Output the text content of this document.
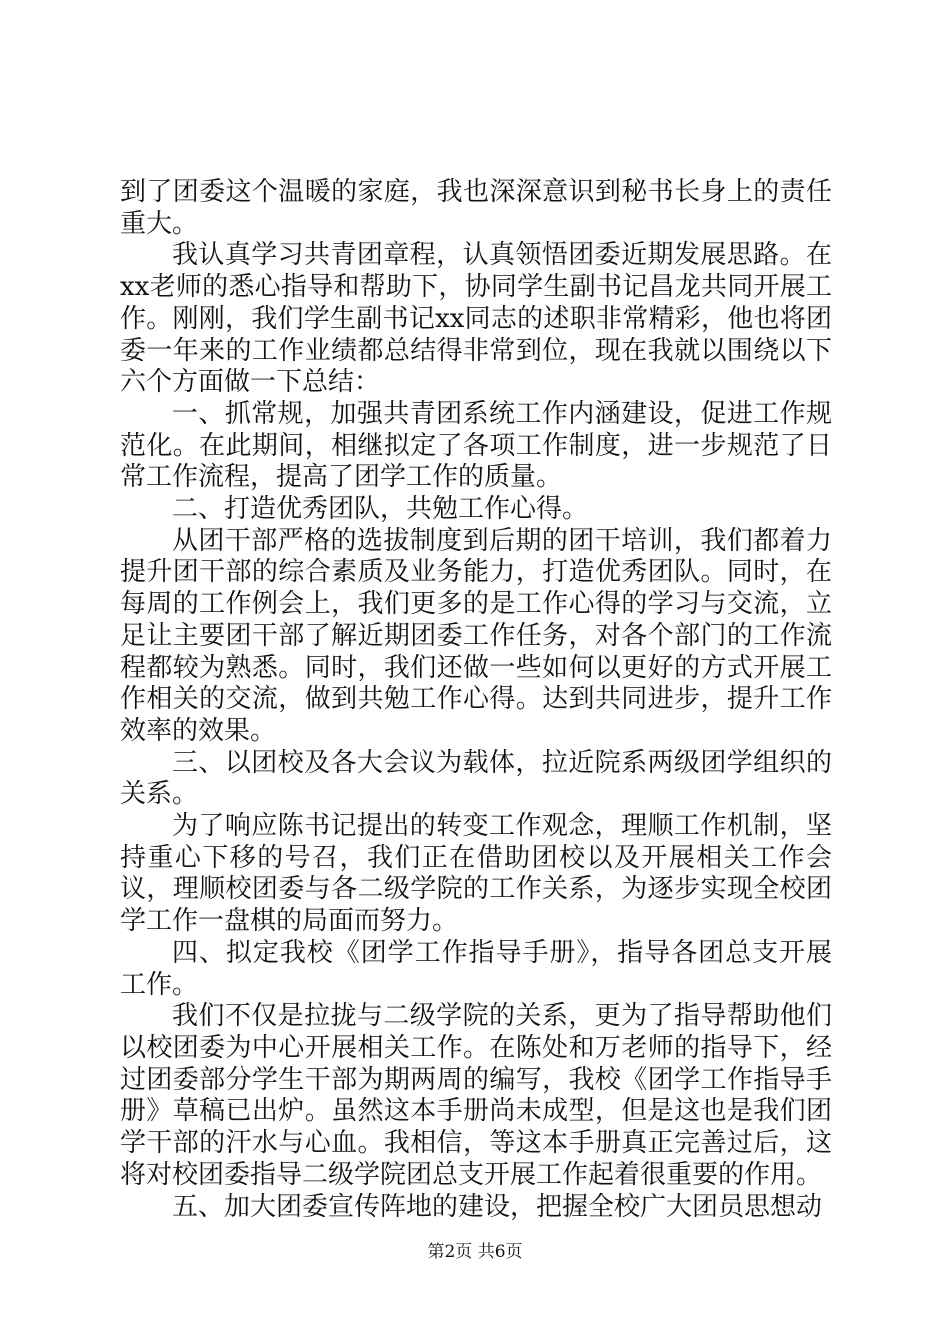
到了团委这个温暖的家庭，我也深深意识到秘书长身上的责任重大。

我认真学习共青团章程，认真领悟团委近期发展思路。在xx老师的悉心指导和帮助下，协同学生副书记昌龙共同开展工作。刚刚，我们学生副书记xx同志的述职非常精彩，他也将团委一年来的工作业绩都总结得非常到位，现在我就以围绕以下六个方面做一下总结：

一、抓常规，加强共青团系统工作内涵建设，促进工作规范化。在此期间，相继拟定了各项工作制度，进一步规范了日常工作流程，提高了团学工作的质量。

二、打造优秀团队，共勉工作心得。

从团干部严格的选拔制度到后期的团干培训，我们都着力提升团干部的综合素质及业务能力，打造优秀团队。同时，在每周的工作例会上，我们更多的是工作心得的学习与交流，立足让主要团干部了解近期团委工作任务，对各个部门的工作流程都较为熟悉。同时，我们还做一些如何以更好的方式开展工作相关的交流，做到共勉工作心得。达到共同进步，提升工作效率的效果。

三、以团校及各大会议为载体，拉近院系两级团学组织的关系。

为了响应陈书记提出的转变工作观念，理顺工作机制，坚持重心下移的号召，我们正在借助团校以及开展相关工作会议，理顺校团委与各二级学院的工作关系，为逐步实现全校团学工作一盘棋的局面而努力。

四、拟定我校《团学工作指导手册》，指导各团总支开展工作。

我们不仅是拉拢与二级学院的关系，更为了指导帮助他们以校团委为中心开展相关工作。在陈处和万老师的指导下，经过团委部分学生干部为期两周的编写，我校《团学工作指导手册》草稿已出炉。虽然这本手册尚未成型，但是这也是我们团学干部的汗水与心血。我相信，等这本手册真正完善过后，这将对校团委指导二级学院团总支开展工作起着很重要的作用。

五、加大团委宣传阵地的建设，把握全校广大团员思想动

第2页 共6页
